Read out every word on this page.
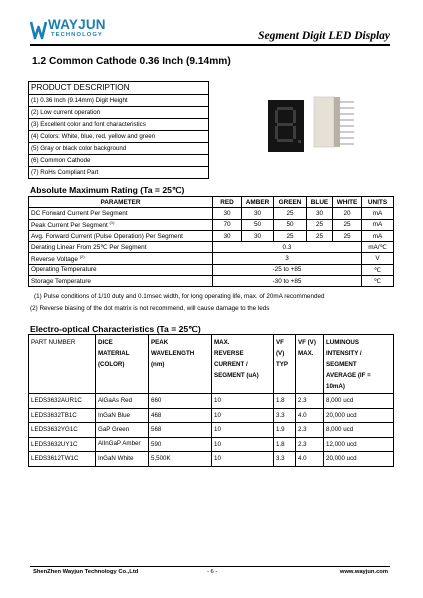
WAYJUN
TECHNOLOGY	Segment Digit LED Display
1.2 Common Cathode 0.36 Inch (9.14mm)
PRODUCT DESCRIPTION
(1) 0.36 Inch (9.14mm) Digit Height
(2) Low current operation
(3) Excellent color and font characteristics
(4) Colors: White, blue, red, yellow and green
(5) Gray or black color background
(6) Common Cathode
(7) RoHs Compliant Part
Absolute Maximum Rating (Ta = 25℃)
PARAMETER	RED	AMBER	GREEN	BLUE	WHITE	UNITS
DC Forward Current Per Segment	30	30	25	30	20	mA
Peak Current Per Segment $^{(1)}$	70	50	50	25	25	mA
Avg. Forward Current (Pulse Operation) Per Segment	30	30	25	25	25	mA
Derating Linear From 25℃ Per Segment	0.3					mA/℃
Reverse Voltage $^{(2)}$	3					V
Operating Temperature	-25 to +85					℃
Storage Temperature	-30 to +85					℃
(1) Pulse conditions of 1/10 duty and 0.1msec width, for long operating life, max. of 20mA recommended
(2) Reverse biasing of the dot matrix is not recommend, will cause damage to the leds
Electro-optical Characteristics (Ta = 25℃)
PART NUMBER	DICE
MATERIAL
(COLOR)	PEAK
WAVELENGTH
(nm)	MAX.
REVERSE
CURRENT /
SEGMENT (uA)	VF
(V)
TYP	VF (V)
MAX.	LUMINOUS
INTENSITY /
SEGMENT
AVERAGE (IF =
10mA)

LEDS3632AUR1C	AlGaAs Red	660	10	1.8	2.3	8,000 ucd
LEDS3632TB1C	InGaN Blue	468	10	3.3	4.0	20,000 ucd
LEDS3632YG1C	GaP Green	568	10	1.9	2.3	8,000 ucd
LEDS3632UY1C	AlInGaP Amber	590	10	1.8	2.3	12,000 ucd
LEDS3612TW1C	InGaN White	5,500K	10	3.3	4.0	20,000 ucd
ShenZhen Wayjun Technology Co.,Ltd	- 6 -	www.wayjun.com
